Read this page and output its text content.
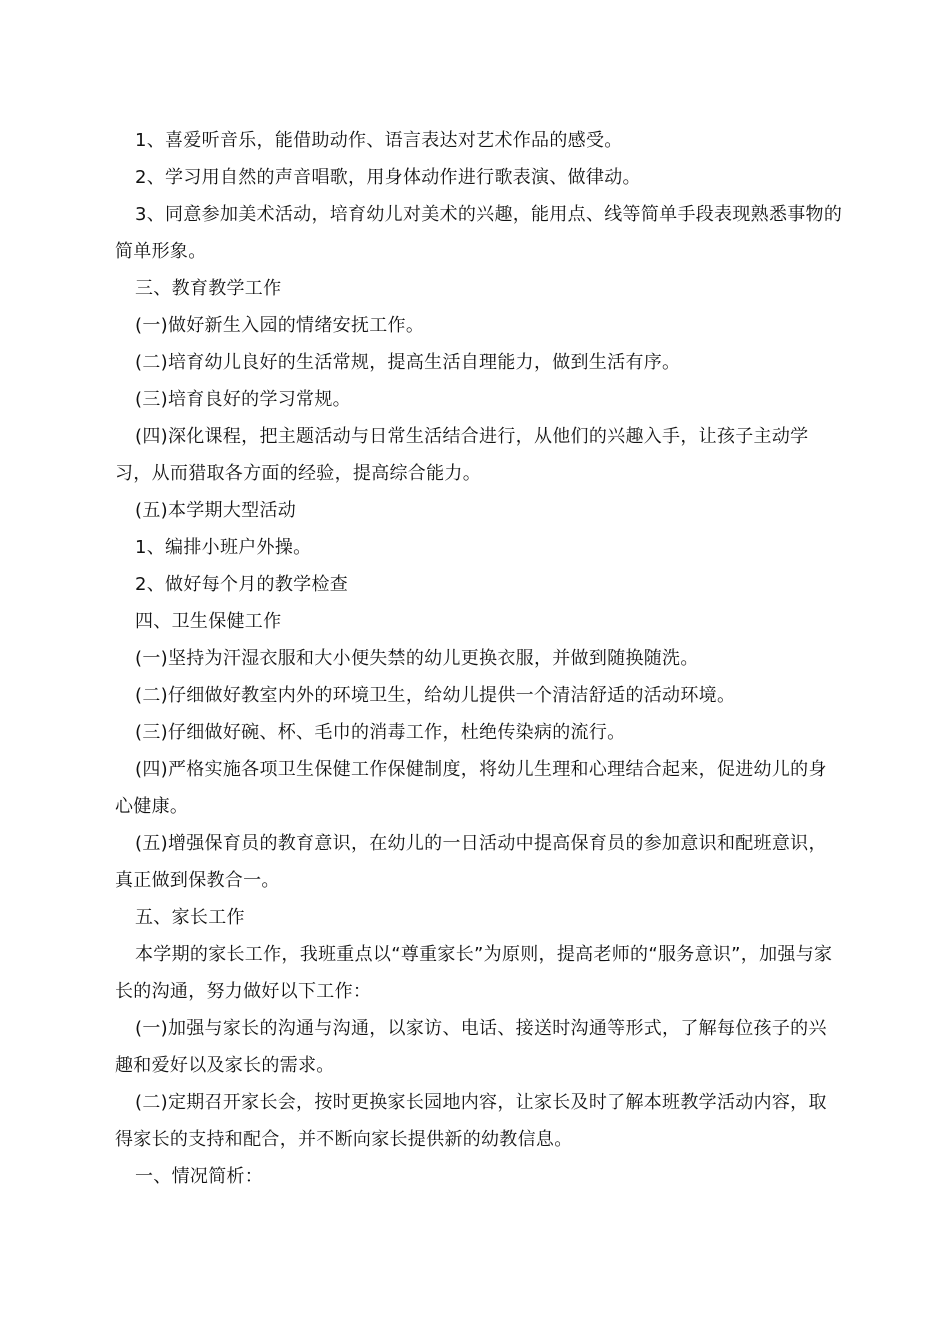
1、喜爱听音乐，能借助动作、语言表达对艺术作品的感受。

2、学习用自然的声音唱歌，用身体动作进行歌表演、做律动。

3、同意参加美术活动，培育幼儿对美术的兴趣，能用点、线等简单手段表现熟悉事物的简单形象。

三、教育教学工作

(一)做好新生入园的情绪安抚工作。

(二)培育幼儿良好的生活常规，提高生活自理能力，做到生活有序。

(三)培育良好的学习常规。

(四)深化课程，把主题活动与日常生活结合进行，从他们的兴趣入手，让孩子主动学习，从而猎取各方面的经验，提高综合能力。

(五)本学期大型活动

1、编排小班户外操。

2、做好每个月的教学检查

四、卫生保健工作

(一)坚持为汗湿衣服和大小便失禁的幼儿更换衣服，并做到随换随洗。

(二)仔细做好教室内外的环境卫生，给幼儿提供一个清洁舒适的活动环境。

(三)仔细做好碗、杯、毛巾的消毒工作，杜绝传染病的流行。

(四)严格实施各项卫生保健工作保健制度，将幼儿生理和心理结合起来，促进幼儿的身心健康。

(五)增强保育员的教育意识，在幼儿的一日活动中提高保育员的参加意识和配班意识，真正做到保教合一。

五、家长工作

本学期的家长工作，我班重点以“尊重家长”为原则，提高老师的“服务意识”，加强与家长的沟通，努力做好以下工作：

(一)加强与家长的沟通与沟通，以家访、电话、接送时沟通等形式，了解每位孩子的兴趣和爱好以及家长的需求。

(二)定期召开家长会，按时更换家长园地内容，让家长及时了解本班教学活动内容，取得家长的支持和配合，并不断向家长提供新的幼教信息。

一、情况简析：
